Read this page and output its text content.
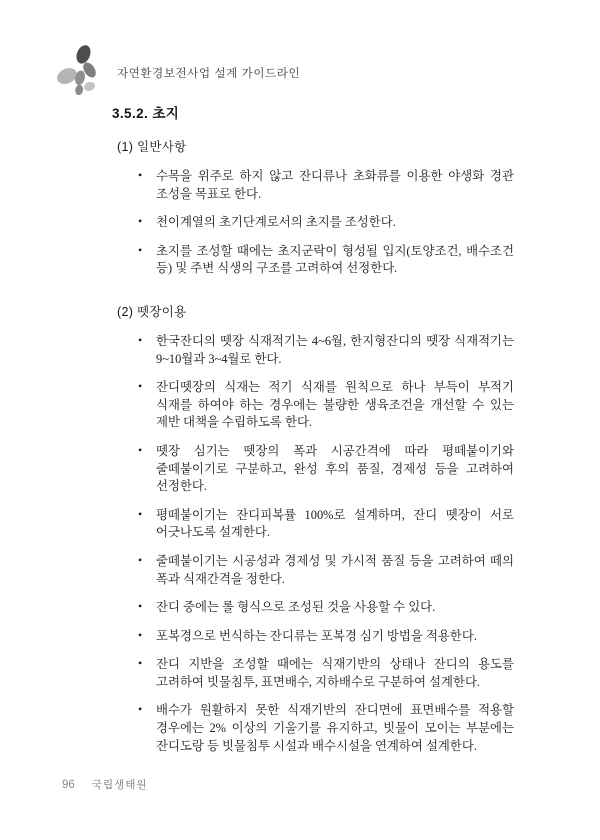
자연환경보전사업 설계 가이드라인
3.5.2. 초지
(1) 일반사항
• 수목을 위주로 하지 않고 잔디류나 초화류를 이용한 야생화 경관 조성을 목표로 한다.
• 천이계열의 초기단계로서의 초지를 조성한다.
• 초지를 조성할 때에는 초지군락이 형성될 입지(토양조건, 배수조건 등) 및 주변 식생의 구조를 고려하여 선정한다.
(2) 뗏장이용
• 한국잔디의 뗏장 식재적기는 4~6월, 한지형잔디의 뗏장 식재적기는 9~10월과 3~4월로 한다.
• 잔디뗏장의 식재는 적기 식재를 원칙으로 하나 부득이 부적기 식재를 하여야 하는 경우에는 불량한 생육조건을 개선할 수 있는 제반 대책을 수립하도록 한다.
• 뗏장 심기는 뗏장의 폭과 시공간격에 따라 평떼붙이기와 줄떼붙이기로 구분하고, 완성 후의 품질, 경제성 등을 고려하여 선정한다.
• 평떼붙이기는 잔디피복률 100%로 설계하며, 잔디 뗏장이 서로 어긋나도록 설계한다.
• 줄떼붙이기는 시공성과 경제성 및 가시적 품질 등을 고려하여 떼의 폭과 식재간격을 정한다.
• 잔디 중에는 롤 형식으로 조성된 것을 사용할 수 있다.
• 포복경으로 번식하는 잔디류는 포복경 심기 방법을 적용한다.
• 잔디 지반을 조성할 때에는 식재기반의 상태나 잔디의 용도를 고려하여 빗물침투, 표면배수, 지하배수로 구분하여 설계한다.
• 배수가 원활하지 못한 식재기반의 잔디면에 표면배수를 적용할 경우에는 2% 이상의 기울기를 유지하고, 빗물이 모이는 부분에는 잔디도랑 등 빗물침투 시설과 배수시설을 연계하여 설계한다.
96 국립생태원
